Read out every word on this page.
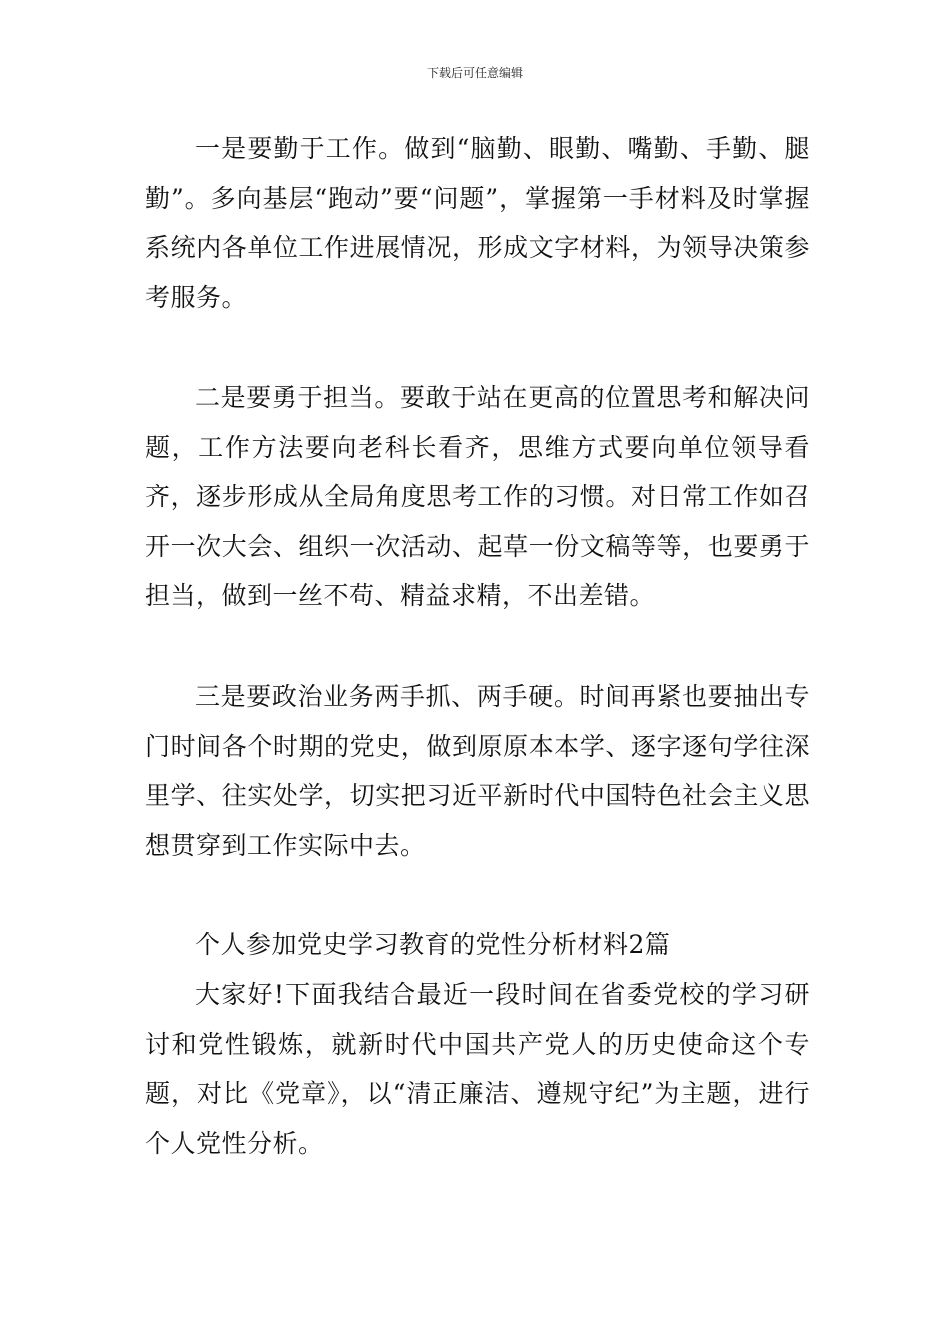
下载后可任意编辑

一是要勤于工作。做到“脑勤、眼勤、嘴勤、手勤、腿勤”。多向基层“跑动”要“问题”，掌握第一手材料及时掌握系统内各单位工作进展情况，形成文字材料，为领导决策参考服务。

二是要勇于担当。要敢于站在更高的位置思考和解决问题，工作方法要向老科长看齐，思维方式要向单位领导看齐，逐步形成从全局角度思考工作的习惯。对日常工作如召开一次大会、组织一次活动、起草一份文稿等等，也要勇于担当，做到一丝不苟、精益求精，不出差错。

三是要政治业务两手抓、两手硬。时间再紧也要抽出专门时间各个时期的党史，做到原原本本学、逐字逐句学往深里学、往实处学，切实把习近平新时代中国特色社会主义思想贯穿到工作实际中去。

个人参加党史学习教育的党性分析材料2篇

大家好!下面我结合最近一段时间在省委党校的学习研讨和党性锻炼，就新时代中国共产党人的历史使命这个专题，对比《党章》，以“清正廉洁、遵规守纪”为主题，进行个人党性分析。
